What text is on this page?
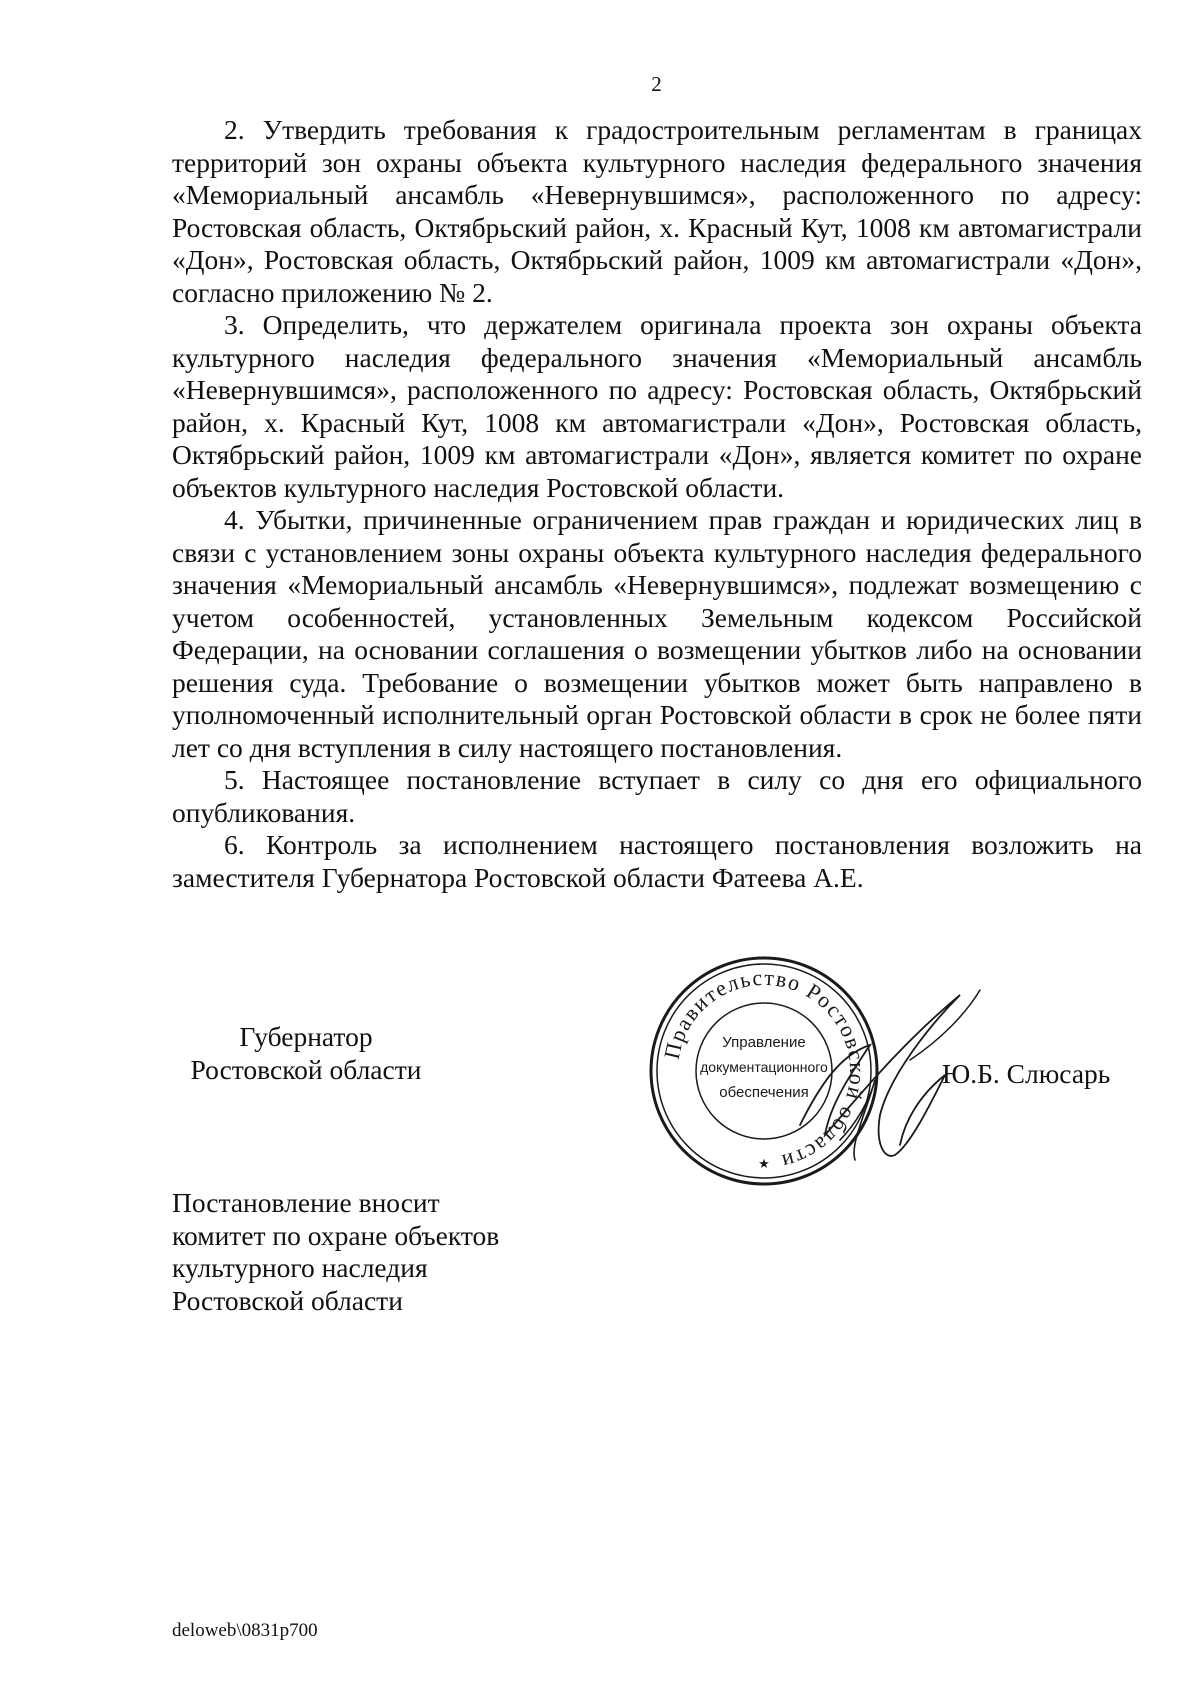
2

2. Утвердить требования к градостроительным регламентам в границах территорий зон охраны объекта культурного наследия федерального значения «Мемориальный ансамбль «Невернувшимся», расположенного по адресу: Ростовская область, Октябрьский район, х. Красный Кут, 1008 км автомагистрали «Дон», Ростовская область, Октябрьский район, 1009 км автомагистрали «Дон», согласно приложению № 2.

3. Определить, что держателем оригинала проекта зон охраны объекта культурного наследия федерального значения «Мемориальный ансамбль «Невернувшимся», расположенного по адресу: Ростовская область, Октябрьский район, х. Красный Кут, 1008 км автомагистрали «Дон», Ростовская область, Октябрьский район, 1009 км автомагистрали «Дон», является комитет по охране объектов культурного наследия Ростовской области.

4. Убытки, причиненные ограничением прав граждан и юридических лиц в связи с установлением зоны охраны объекта культурного наследия федерального значения «Мемориальный ансамбль «Невернувшимся», подлежат возмещению с учетом особенностей, установленных Земельным кодексом Российской Федерации, на основании соглашения о возмещении убытков либо на основании решения суда. Требование о возмещении убытков может быть направлено в уполномоченный исполнительный орган Ростовской области в срок не более пяти лет со дня вступления в силу настоящего постановления.

5. Настоящее постановление вступает в силу со дня его официального опубликования.

6. Контроль за исполнением настоящего постановления возложить на заместителя Губернатора Ростовской области Фатеева А.Е.

Губернатор
Ростовской области
Правительство Ростовской области
Управление
документационного
обеспечения
★
Ю.Б. Слюсарь
Постановление вносит
комитет по охране объектов
культурного наследия
Ростовской области
deloweb\0831p700
